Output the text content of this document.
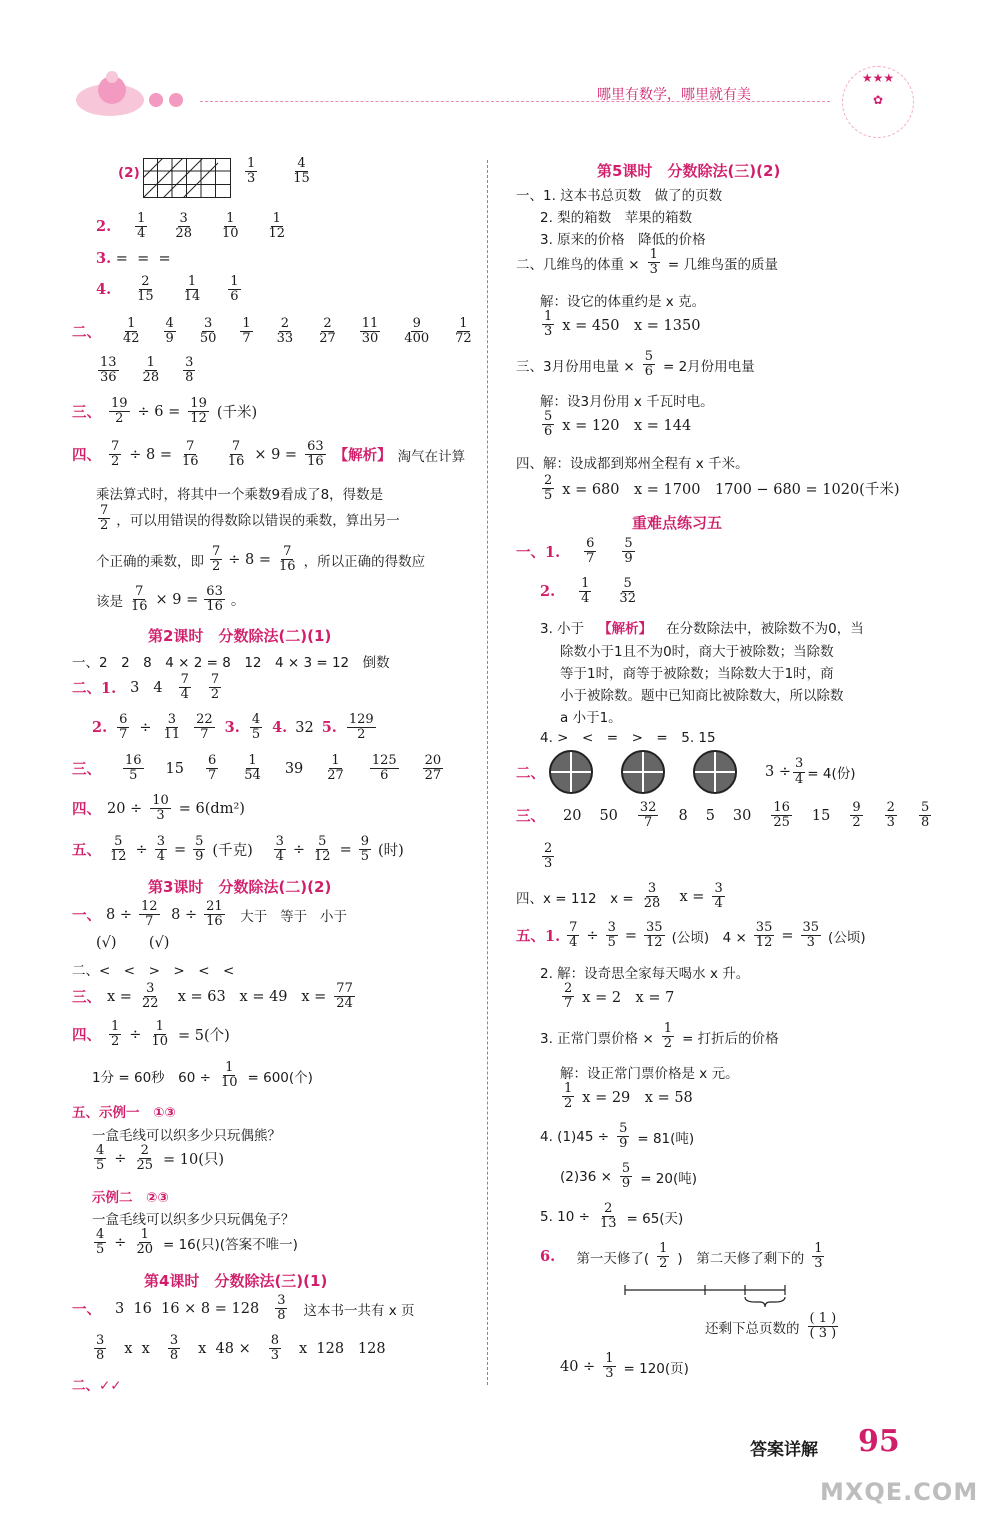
哪里有数学，哪里就有美
★★★
✿
(2)
1
3
4
15
2. 1
4
3
28
1
10
1
12
3. =  =  =
4. 2
15
1
14
1
6
二、
1
42
4
9
3
50
1
7
2
33
2
27
11
30
9
400
1
72
13
36
1
28
3
8
三、 $\frac{19}{2} \div 6 = \frac{19}{12}$ (千米)
四、 $\frac{7}{2} \div 8 = \frac{7}{16}$
$\frac{7}{16} \times 9 = \frac{63}{16}$ 【解析】 淘气在计算
乘法算式时，将其中一个乘数9看成了8，得数是
7
2 ，可以用错误的得数除以错误的乘数，算出另一
个正确的乘数，即 $\frac{7}{2} \div 8 = \frac{7}{16}$ ，所以正确的得数应
该是 $\frac{7}{16} \times 9 = \frac{63}{16}$ 。
第2课时　分数除法(二)(1)
一、2　2　8　4 × 2 = 8　12　4 × 3 = 12　倒数
二、1. 3 4
7
4
7
2
2. $\frac{6}{7} \div \frac{3}{11} 22$
7 3. 4
5 4. 32 5. 129
2
三、
16
5 15
6
7
1
54 39
1
27
125
6
20
27
四、 $20 \div \frac{10}{3} = 6(dm^2)$
五、 $\frac{5}{12} \div \frac{3}{4} = \frac{5}{9}$ (千克) $\frac{3}{4} \div \frac{5}{12} = \frac{9}{5}$ (时)
第3课时　分数除法(二)(2)
一、 $8 \div \frac{12}{7} 8 \div \frac{21}{16}$ 大于   等于   小于
(√)       (√)
二、<　<　>　>　<　<
三、 $x = \frac{3}{22}$ x = 63   x = 49   $x = \frac{77}{24}$
四、 $\frac{1}{2} \div \frac{1}{10} = 5$(个)
1分 = 60秒　$60 \div \frac{1}{10} = 600$(个)
五、示例一　①③
一盒毛线可以织多少只玩偶熊？
$\frac{4}{5} \div \frac{2}{25} = 10$(只)
示例二　②③
一盒毛线可以织多少只玩偶兔子？
$\frac{4}{5} \div \frac{1}{20} = 16$(只)(答案不唯一)
第4课时　分数除法(三)(1)
一、 3  16  16 × 8 = 128
3
8 这本书一共有 x 页
3
8 x  x
3
8 x  $48 \times \frac{8}{3}$ x  128   128
二、✓✓
第5课时　分数除法(三)(2)
一、1. 这本书总页数　做了的页数
2. 梨的箱数　苹果的箱数
3. 原来的价格　降低的价格
二、几维鸟的体重 × $\frac{1}{3}$ = 几维鸟蛋的质量
解：设它的体重约是 x 克。
1
3 x = 450　x = 1350
三、3月份用电量 × $\frac{5}{6} = 2$月份用电量
解：设3月份用 x 千瓦时电。
5
6 x = 120　x = 144
四、解：设成都到郑州全程有 x 千米。
2
5 x = 680　x = 1700　1700 − 680 = 1020(千米)
重难点练习五
一、1.
6
7
5
9
2. 1
4
5
32
3. 小于 【解析】 在分数除法中，被除数不为0，当
除数小于1且不为0时，商大于被除数；当除数
等于1时，商等于被除数；当除数大于1时，商
小于被除数。题中已知商比被除数大，所以除数
a 小于1。
4. >　<　=　>　=　5. 15
二、	$3 \div \frac{3}{4} = 4$(份)
三、 20 50
32
7 8 5 30
16
25 15
9
2
2
3
5
8
2
3
四、x = 112　$x = \frac{3}{28}$ $x = \frac{3}{4}$
五、1. $\frac{7}{4} \div \frac{3}{5} = \frac{35}{12}$ (公顷)　$4 \times \frac{35}{12} = \frac{35}{3}$ (公顷)
2. 解：设奇思全家每天喝水 x 升。
2
7 x = 2　x = 7
3. 正常门票价格 × $\frac{1}{2}$ = 打折后的价格
解：设正常门票价格是 x 元。
1
2 x = 29　x = 58
4. $(1)45 \div \frac{5}{9} = 81$(吨)
$(2)36 \times \frac{5}{9} = 20$(吨)
5. $10 \div \frac{2}{13} = 65$(天)
6.
第一天修了(
1
2 )　第二天修了剩下的
1
3
还剩下总页数的
( 1 )
( 3 )
$40 \div \frac{1}{3} = 120$(页)
答案详解 95
MXQE.COM
